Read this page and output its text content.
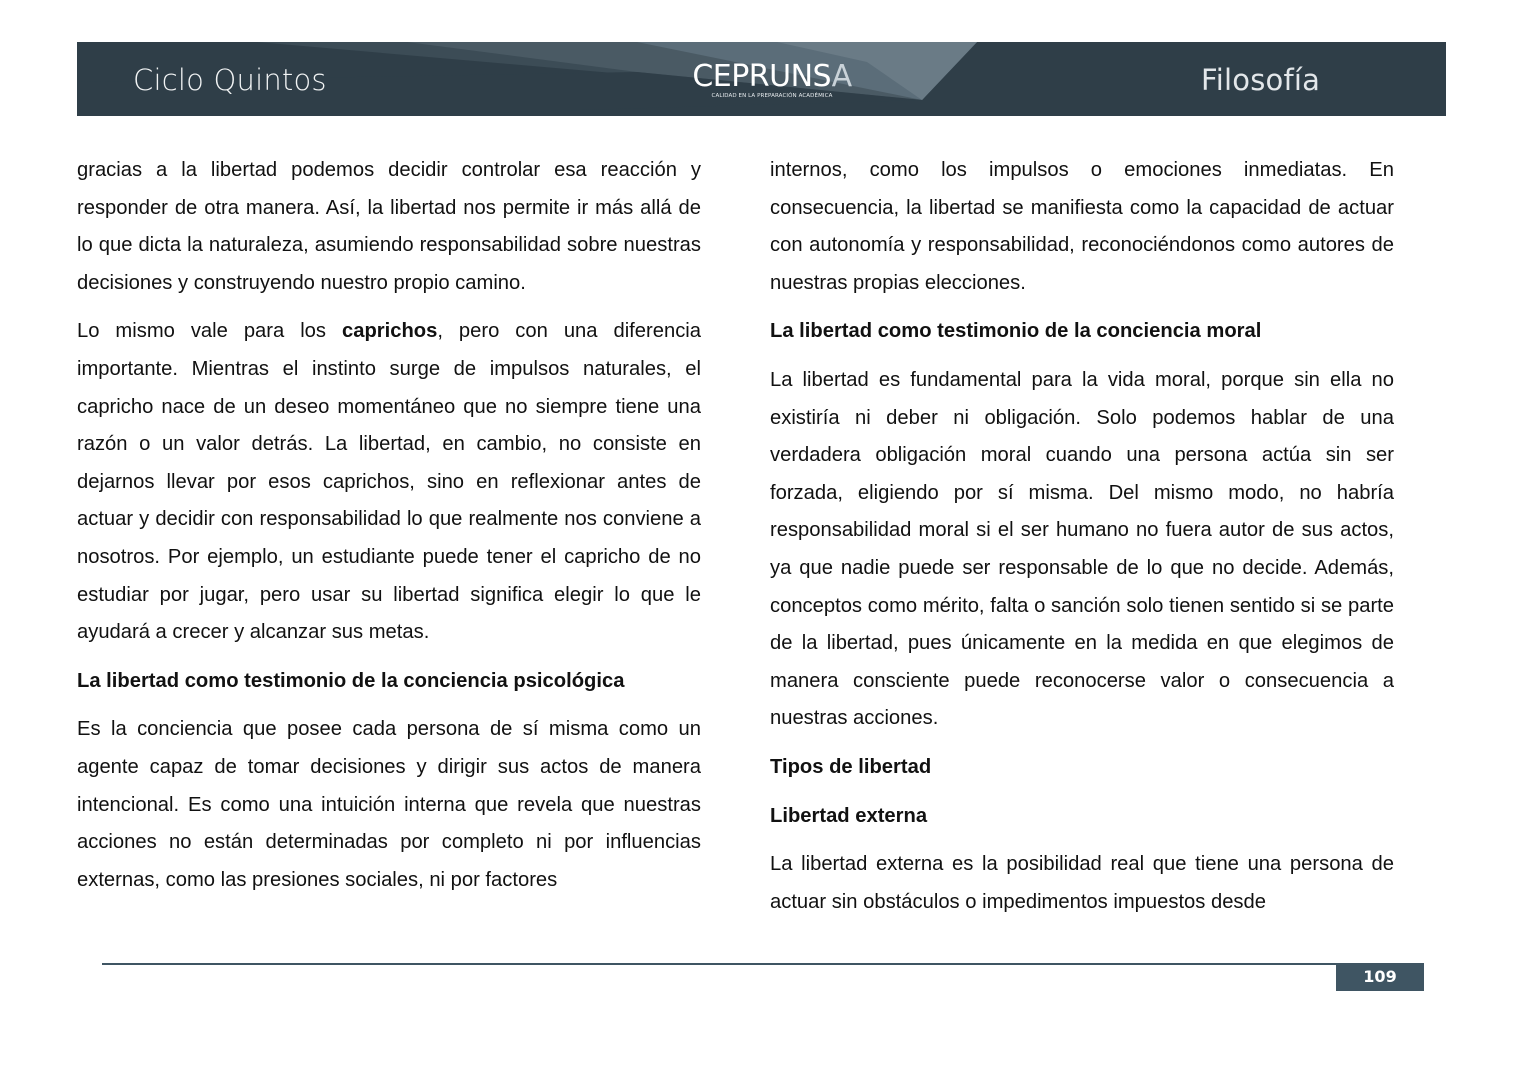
Ciclo Quintos	CEPRUNSA
CALIDAD EN LA PREPARACIÓN ACADÉMICA	Filosofía

gracias a la libertad podemos decidir controlar esa reacción y responder de otra manera. Así, la libertad nos permite ir más allá de lo que dicta la naturaleza, asumiendo responsabilidad sobre nuestras decisiones y construyendo nuestro propio camino.

Lo mismo vale para los caprichos, pero con una diferencia importante. Mientras el instinto surge de impulsos naturales, el capricho nace de un deseo momentáneo que no siempre tiene una razón o un valor detrás. La libertad, en cambio, no consiste en dejarnos llevar por esos caprichos, sino en reflexionar antes de actuar y decidir con responsabilidad lo que realmente nos conviene a nosotros. Por ejemplo, un estudiante puede tener el capricho de no estudiar por jugar, pero usar su libertad significa elegir lo que le ayudará a crecer y alcanzar sus metas.

La libertad como testimonio de la conciencia psicológica

Es la conciencia que posee cada persona de sí misma como un agente capaz de tomar decisiones y dirigir sus actos de manera intencional. Es como una intuición interna que revela que nuestras acciones no están determinadas por completo ni por influencias externas, como las presiones sociales, ni por factores

internos, como los impulsos o emociones inmediatas. En consecuencia, la libertad se manifiesta como la capacidad de actuar con autonomía y responsabilidad, reconociéndonos como autores de nuestras propias elecciones.

La libertad como testimonio de la conciencia moral

La libertad es fundamental para la vida moral, porque sin ella no existiría ni deber ni obligación. Solo podemos hablar de una verdadera obligación moral cuando una persona actúa sin ser forzada, eligiendo por sí misma. Del mismo modo, no habría responsabilidad moral si el ser humano no fuera autor de sus actos, ya que nadie puede ser responsable de lo que no decide. Además, conceptos como mérito, falta o sanción solo tienen sentido si se parte de la libertad, pues únicamente en la medida en que elegimos de manera consciente puede reconocerse valor o consecuencia a nuestras acciones.

Tipos de libertad
Libertad externa

La libertad externa es la posibilidad real que tiene una persona de actuar sin obstáculos o impedimentos impuestos desde

109
